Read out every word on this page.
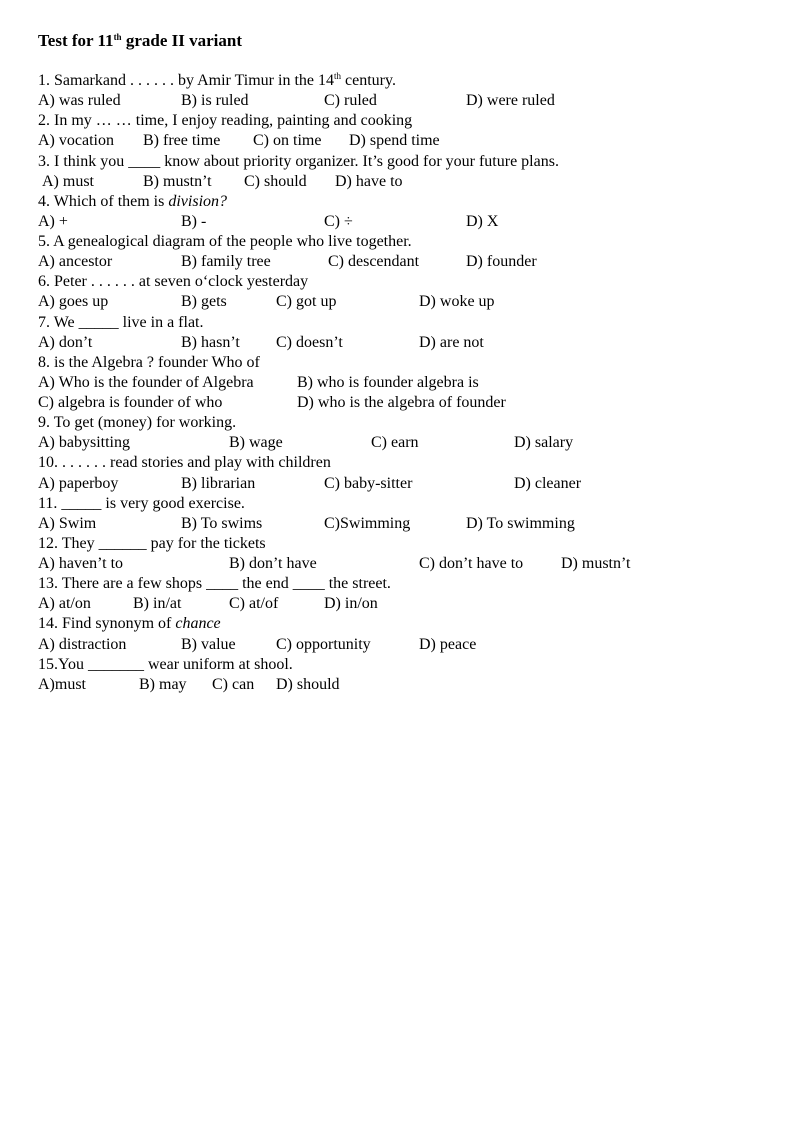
Test for 11th grade II variant
1. Samarkand . . . . . . by Amir Timur in the 14th century.
A) was ruled	B) is ruled	C) ruled	D) were ruled
2. In my … … time, I enjoy reading, painting and cooking
A) vocation B) free time C) on time D) spend time
3. I think you ____ know about priority organizer. It’s good for your future plans.
A) must	B) mustn’t C) should D) have to
4. Which of them is division?
A) +	B) -	C) ÷	D) X
5. A genealogical diagram of the people who live together.
A) ancestor	B) family tree	C) descendant	D) founder
6. Peter . . . . . . at seven o‘clock yesterday
A) goes up	B) gets	C) got up	D) woke up
7. We _____ live in a flat.
A) don’t	B) hasn’t C) doesn’t	D) are not
8. is the Algebra ? founder Who of
A) Who is the founder of Algebra	B) who is founder algebra is
C) algebra is founder of who	D) who is the algebra of founder
9. To get (money) for working.
A) babysitting	B) wage	C) earn	D) salary
10. . . . . . . read stories and play with children
A) paperboy	B) librarian	C) baby-sitter	D) cleaner
11. _____ is very good exercise.
A) Swim	B) To swims	C)Swimming	D) To swimming
12. They ______ pay for the tickets
A) haven’t to	B) don’t have	C) don’t have to D) mustn’t
13. There are a few shops ____ the end ____ the street.
A) at/on	B) in/at	C) at/of	D) in/on
14. Find synonym of chance
A) distraction	B) value	C) opportunity	D) peace
15.You _______ wear uniform at shool.
A)must	B) may C) can D) should
